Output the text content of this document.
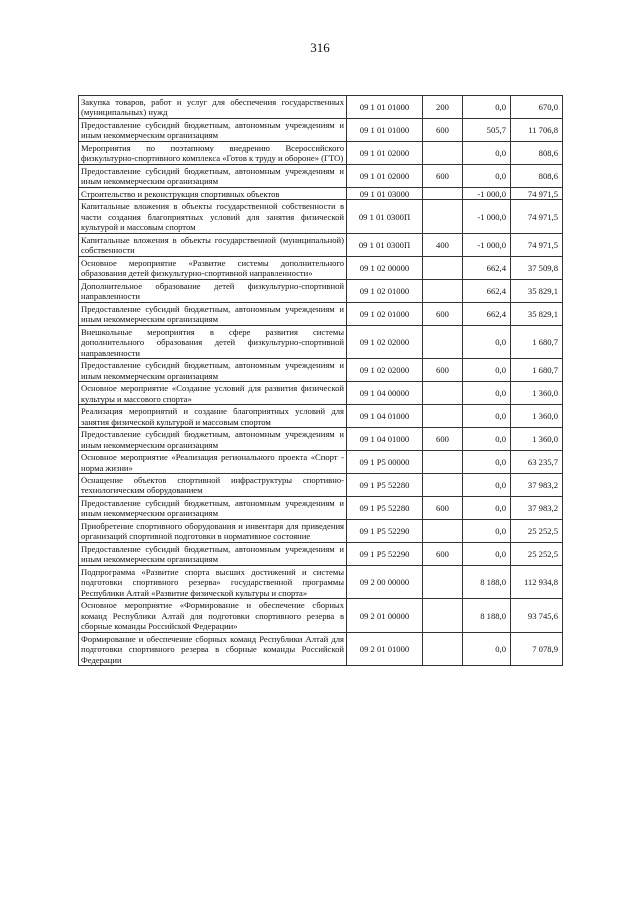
316
Закупка товаров, работ и услуг для обеспечения государственных (муниципальных) нужд	09 1 01 01000	200	0,0	670,0
Предоставление субсидий бюджетным, автономным учреждениям и иным некоммерческим организациям	09 1 01 01000	600	505,7	11 706,8
Мероприятия по поэтапному внедрению Всероссийского физкультурно-спортивного комплекса «Готов к труду и обороне» (ГТО)	09 1 01 02000		0,0	808,6
Предоставление субсидий бюджетным, автономным учреждениям и иным некоммерческим организациям	09 1 01 02000	600	0,0	808,6
Строительство и реконструкция спортивных объектов	09 1 01 03000		-1 000,0	74 971,5
Капитальные вложения в объекты государственной собственности в части создания благоприятных условий для занятия физической культурой и массовым спортом	09 1 01 0300П		-1 000,0	74 971,5
Капитальные вложения в объекты государственной (муниципальной) собственности	09 1 01 0300П	400	-1 000,0	74 971,5
Основное мероприятие «Развитие системы дополнительного образования детей физкультурно-спортивной направленности»	09 1 02 00000		662,4	37 509,8
Дополнительное образование детей физкультурно-спортивной направленности	09 1 02 01000		662,4	35 829,1
Предоставление субсидий бюджетным, автономным учреждениям и иным некоммерческим организациям	09 1 02 01000	600	662,4	35 829,1
Внешкольные мероприятия в сфере развития системы дополнительного образования детей физкультурно-спортивной направленности	09 1 02 02000		0,0	1 680,7
Предоставление субсидий бюджетным, автономным учреждениям и иным некоммерческим организациям	09 1 02 02000	600	0,0	1 680,7
Основное мероприятие «Создание условий для развития физической культуры и массового спорта»	09 1 04 00000		0,0	1 360,0
Реализация мероприятий и создание благоприятных условий для занятия физической культурой и массовым спортом	09 1 04 01000		0,0	1 360,0
Предоставление субсидий бюджетным, автономным учреждениям и иным некоммерческим организациям	09 1 04 01000	600	0,0	1 360,0
Основное мероприятие «Реализация регионального проекта «Спорт - норма жизни»	09 1 P5 00000		0,0	63 235,7
Оснащение объектов спортивной инфраструктуры спортивно-технологическим оборудованием	09 1 P5 52280		0,0	37 983,2
Предоставление субсидий бюджетным, автономным учреждениям и иным некоммерческим организациям	09 1 P5 52280	600	0,0	37 983,2
Приобретение спортивного оборудования и инвентаря для приведения организаций спортивной подготовки в нормативное состояние	09 1 P5 52290		0,0	25 252,5
Предоставление субсидий бюджетным, автономным учреждениям и иным некоммерческим организациям	09 1 P5 52290	600	0,0	25 252,5
Подпрограмма «Развитие спорта высших достижений и системы подготовки спортивного резерва» государственной программы Республики Алтай «Развитие физической культуры и спорта»	09 2 00 00000		8 188,0	112 934,8
Основное мероприятие «Формирование и обеспечение сборных команд Республики Алтай для подготовки спортивного резерва в сборные команды Российской Федерации»	09 2 01 00000		8 188,0	93 745,6
Формирование и обеспечение сборных команд Республики Алтай для подготовки спортивного резерва в сборные команды Российской Федерации	09 2 01 01000		0,0	7 078,9
